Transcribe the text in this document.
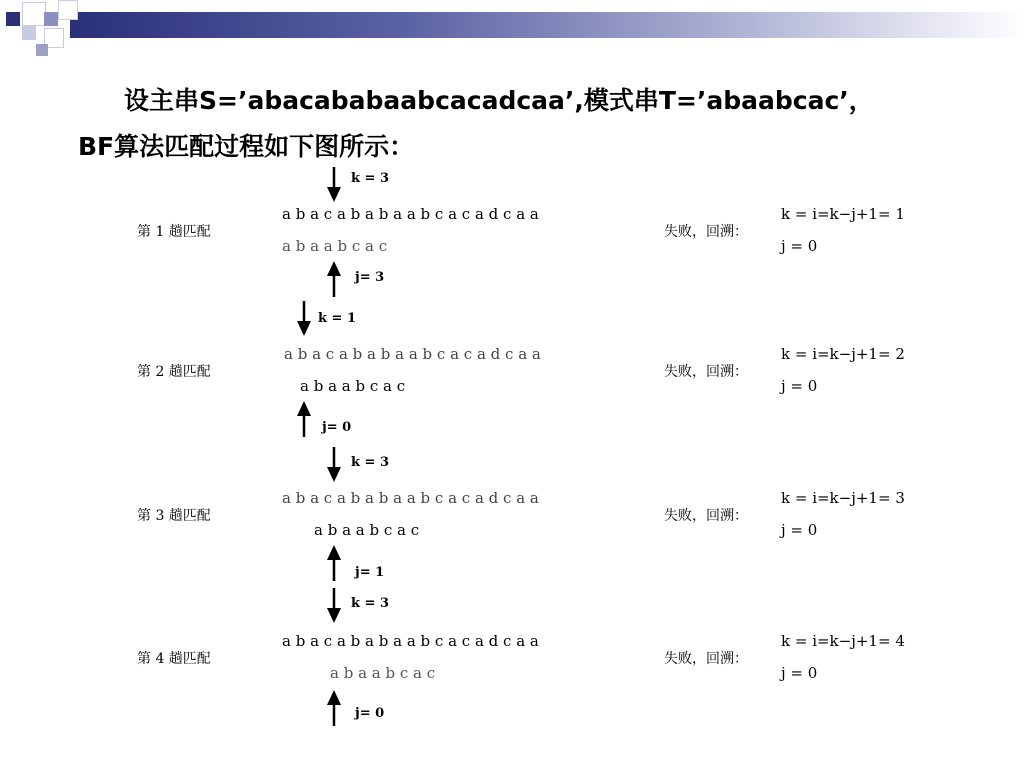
设主串S=’abacababaabcacadcaa’,模式串T=’abaabcac’，
BF算法匹配过程如下图所示：
k = 3
第 1 趟匹配
a b a c a b a b a a b c a c a d c a a
a b a a b c a c
j= 3
失败，回溯：
k = i=k−j+1= 1
j = 0
k = 1
第 2 趟匹配
a b a c a b a b a a b c a c a d c a a
a b a a b c a c
j= 0
失败，回溯：
k = i=k−j+1= 2
j = 0
k = 3
第 3 趟匹配
a b a c a b a b a a b c a c a d c a a
a b a a b c a c
j= 1
失败，回溯：
k = i=k−j+1= 3
j = 0
k = 3
第 4 趟匹配
a b a c a b a b a a b c a c a d c a a
a b a a b c a c
j= 0
失败，回溯：
k = i=k−j+1= 4
j = 0
